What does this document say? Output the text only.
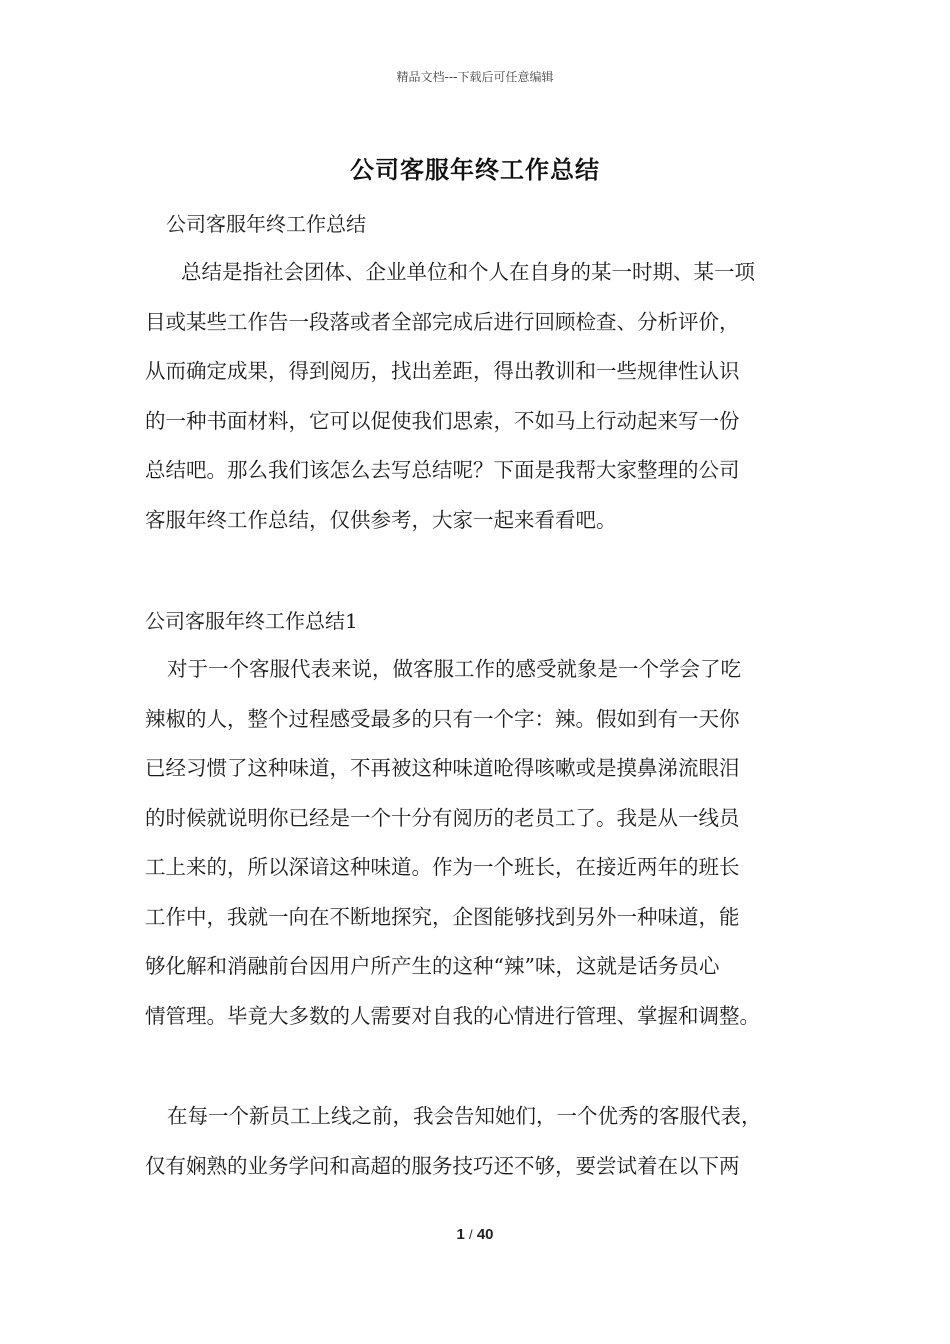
精品文档---下载后可任意编辑
公司客服年终工作总结
公司客服年终工作总结
总结是指社会团体、企业单位和个人在自身的某一时期、某一项
目或某些工作告一段落或者全部完成后进行回顾检查、分析评价，
从而确定成果，得到阅历，找出差距，得出教训和一些规律性认识
的一种书面材料，它可以促使我们思索，不如马上行动起来写一份
总结吧。那么我们该怎么去写总结呢？下面是我帮大家整理的公司
客服年终工作总结，仅供参考，大家一起来看看吧。
公司客服年终工作总结1
对于一个客服代表来说，做客服工作的感受就象是一个学会了吃
辣椒的人，整个过程感受最多的只有一个字：辣。假如到有一天你
已经习惯了这种味道，不再被这种味道呛得咳嗽或是摸鼻涕流眼泪
的时候就说明你已经是一个十分有阅历的老员工了。我是从一线员
工上来的，所以深谙这种味道。作为一个班长，在接近两年的班长
工作中，我就一向在不断地探究，企图能够找到另外一种味道，能
够化解和消融前台因用户所产生的这种“辣”味，这就是话务员心
情管理。毕竟大多数的人需要对自我的心情进行管理、掌握和调整。
在每一个新员工上线之前，我会告知她们，一个优秀的客服代表，
仅有娴熟的业务学问和高超的服务技巧还不够，要尝试着在以下两
1 / 40
